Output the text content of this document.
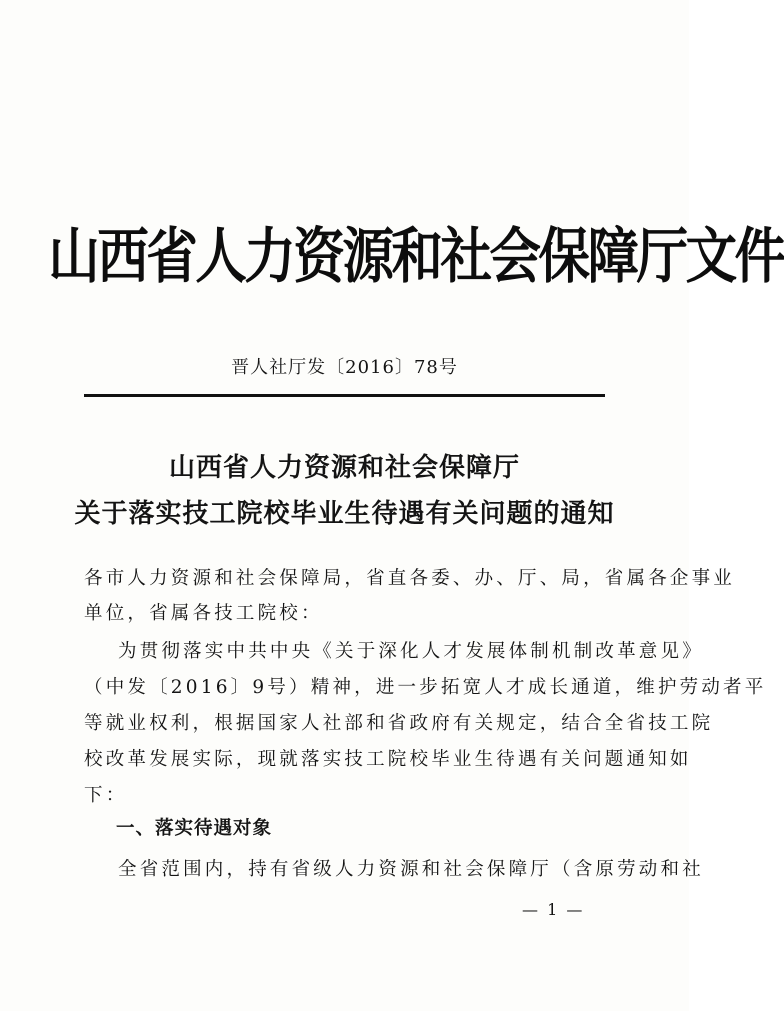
山西省人力资源和社会保障厅文件
晋人社厅发〔2016〕78号
山西省人力资源和社会保障厅
关于落实技工院校毕业生待遇有关问题的通知
各市人力资源和社会保障局，省直各委、办、厅、局，省属各企事业
单位，省属各技工院校：
为贯彻落实中共中央《关于深化人才发展体制机制改革意见》
（中发〔2016〕9号）精神，进一步拓宽人才成长通道，维护劳动者平
等就业权利，根据国家人社部和省政府有关规定，结合全省技工院
校改革发展实际，现就落实技工院校毕业生待遇有关问题通知如
下：
一、落实待遇对象
全省范围内，持有省级人力资源和社会保障厅（含原劳动和社
— 1 —
